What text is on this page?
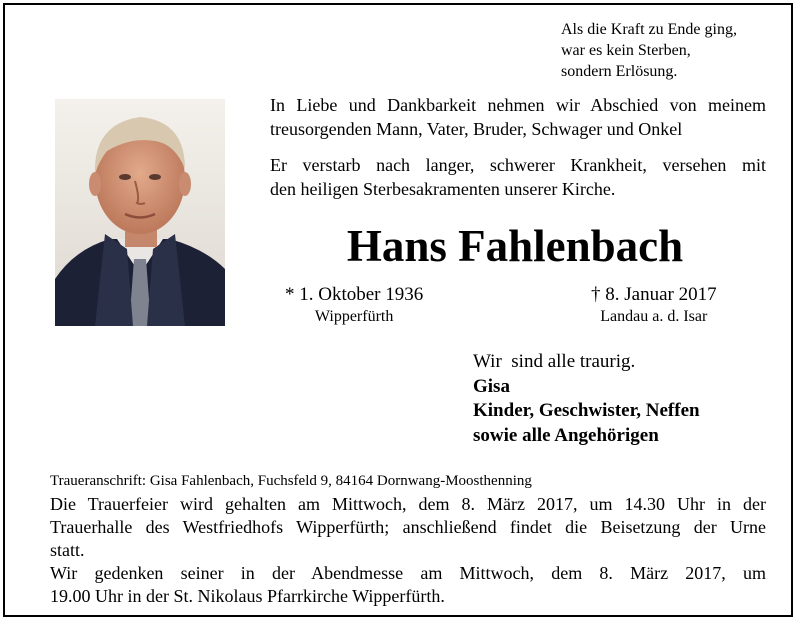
Als die Kraft zu Ende ging,
war es kein Sterben,
sondern Erlösung.
In Liebe und Dankbarkeit nehmen wir Abschied von meinem
treusorgenden Mann, Vater, Bruder, Schwager und Onkel
Er verstarb nach langer, schwerer Krankheit, versehen mit
den heiligen Sterbesakramenten unserer Kirche.
Hans Fahlenbach
* 1. Oktober 1936
Wipperfürth
† 8. Januar 2017
Landau a. d. Isar
Wir  sind alle traurig.
Gisa
Kinder, Geschwister, Neffen
sowie alle Angehörigen
Traueranschrift: Gisa Fahlenbach, Fuchsfeld 9, 84164 Dornwang-Moosthenning
Die Trauerfeier wird gehalten am Mittwoch, dem 8. März 2017, um 14.30 Uhr in der
Trauerhalle des Westfriedhofs Wipperfürth; anschließend findet die Beisetzung der Urne
statt.
Wir gedenken seiner in der Abendmesse am Mittwoch, dem 8. März 2017, um
19.00 Uhr in der St. Nikolaus Pfarrkirche Wipperfürth.
